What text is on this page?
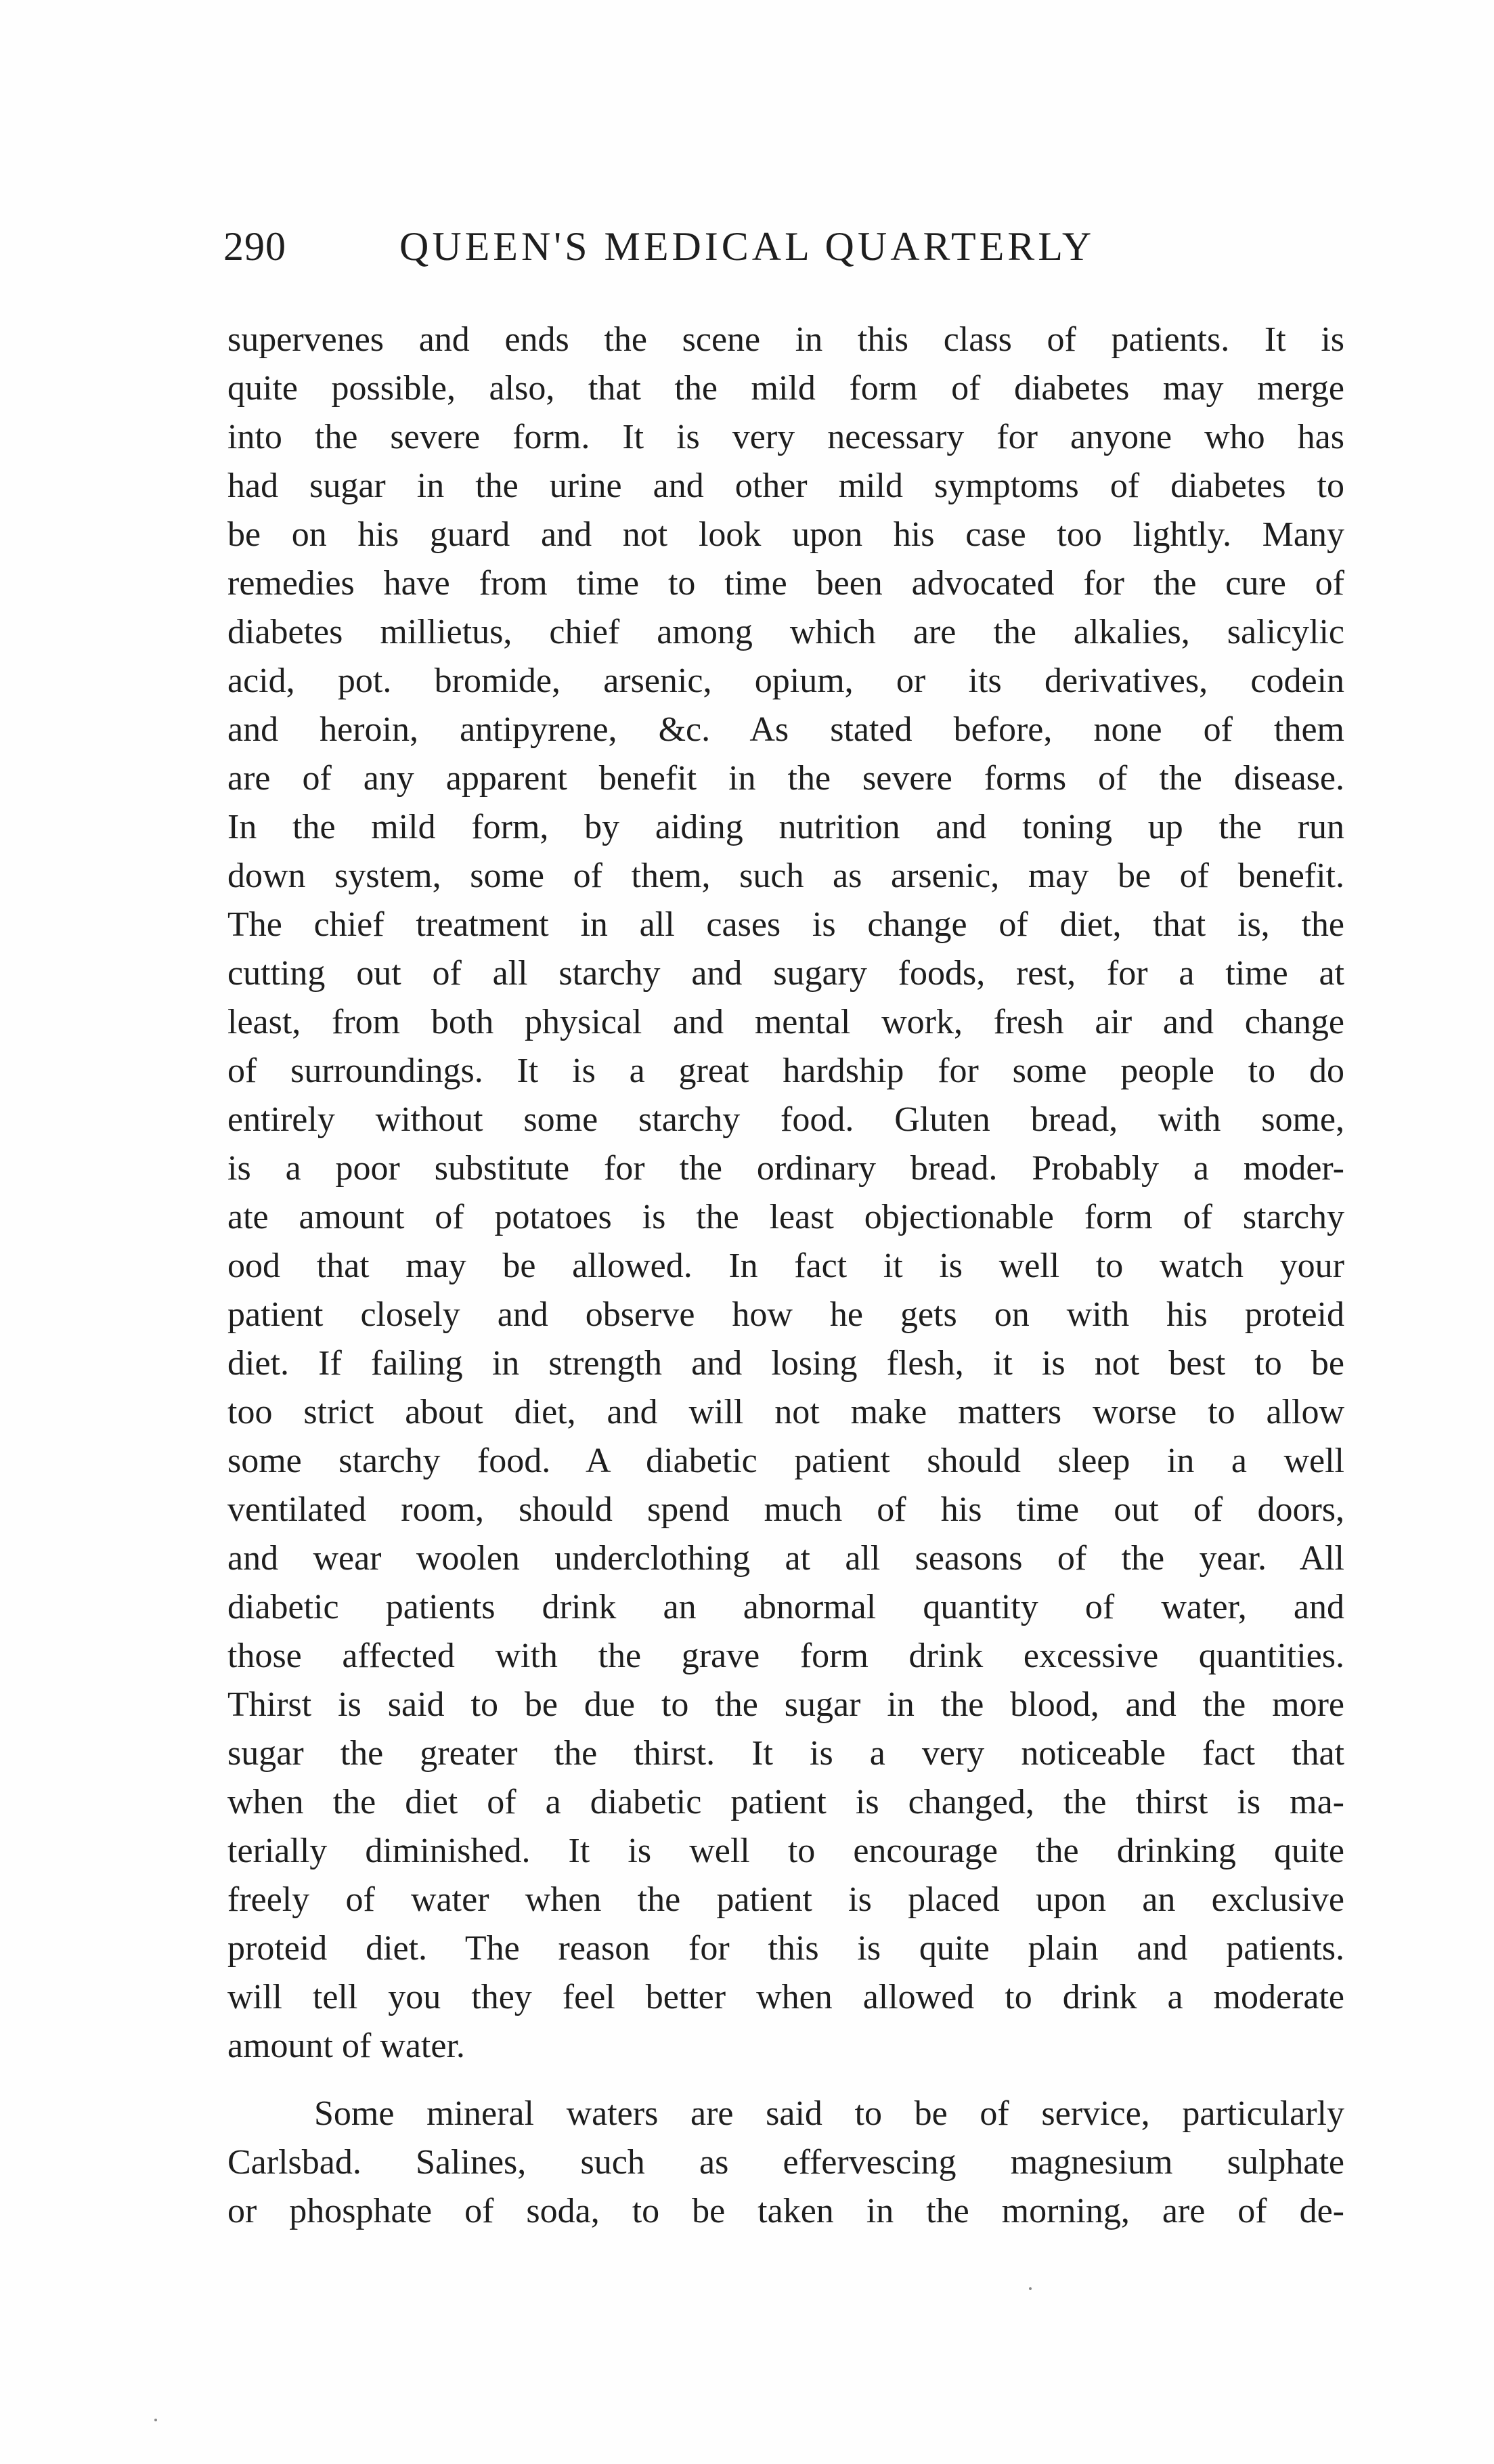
290	QUEEN'S MEDICAL QUARTERLY
supervenes and ends the scene in this class of patients. It is
quite possible, also, that the mild form of diabetes may merge
into the severe form. It is very necessary for anyone who has
had sugar in the urine and other mild symptoms of diabetes to
be on his guard and not look upon his case too lightly. Many
remedies have from time to time been advocated for the cure of
diabetes millietus, chief among which are the alkalies, salicylic
acid, pot. bromide, arsenic, opium, or its derivatives, codein
and heroin, antipyrene, &c. As stated before, none of them
are of any apparent benefit in the severe forms of the disease.
In the mild form, by aiding nutrition and toning up the run
down system, some of them, such as arsenic, may be of benefit.
The chief treatment in all cases is change of diet, that is, the
cutting out of all starchy and sugary foods, rest, for a time at
least, from both physical and mental work, fresh air and change
of surroundings. It is a great hardship for some people to do
entirely without some starchy food. Gluten bread, with some,
is a poor substitute for the ordinary bread. Probably a moder-
ate amount of potatoes is the least objectionable form of starchy
ood that may be allowed. In fact it is well to watch your
patient closely and observe how he gets on with his proteid
diet. If failing in strength and losing flesh, it is not best to be
too strict about diet, and will not make matters worse to allow
some starchy food. A diabetic patient should sleep in a well
ventilated room, should spend much of his time out of doors,
and wear woolen underclothing at all seasons of the year. All
diabetic patients drink an abnormal quantity of water, and
those affected with the grave form drink excessive quantities.
Thirst is said to be due to the sugar in the blood, and the more
sugar the greater the thirst. It is a very noticeable fact that
when the diet of a diabetic patient is changed, the thirst is ma-
terially diminished. It is well to encourage the drinking quite
freely of water when the patient is placed upon an exclusive
proteid diet. The reason for this is quite plain and patients.
will tell you they feel better when allowed to drink a moderate
amount of water.
Some mineral waters are said to be of service, particularly
Carlsbad. Salines, such as effervescing magnesium sulphate
or phosphate of soda, to be taken in the morning, are of de-
